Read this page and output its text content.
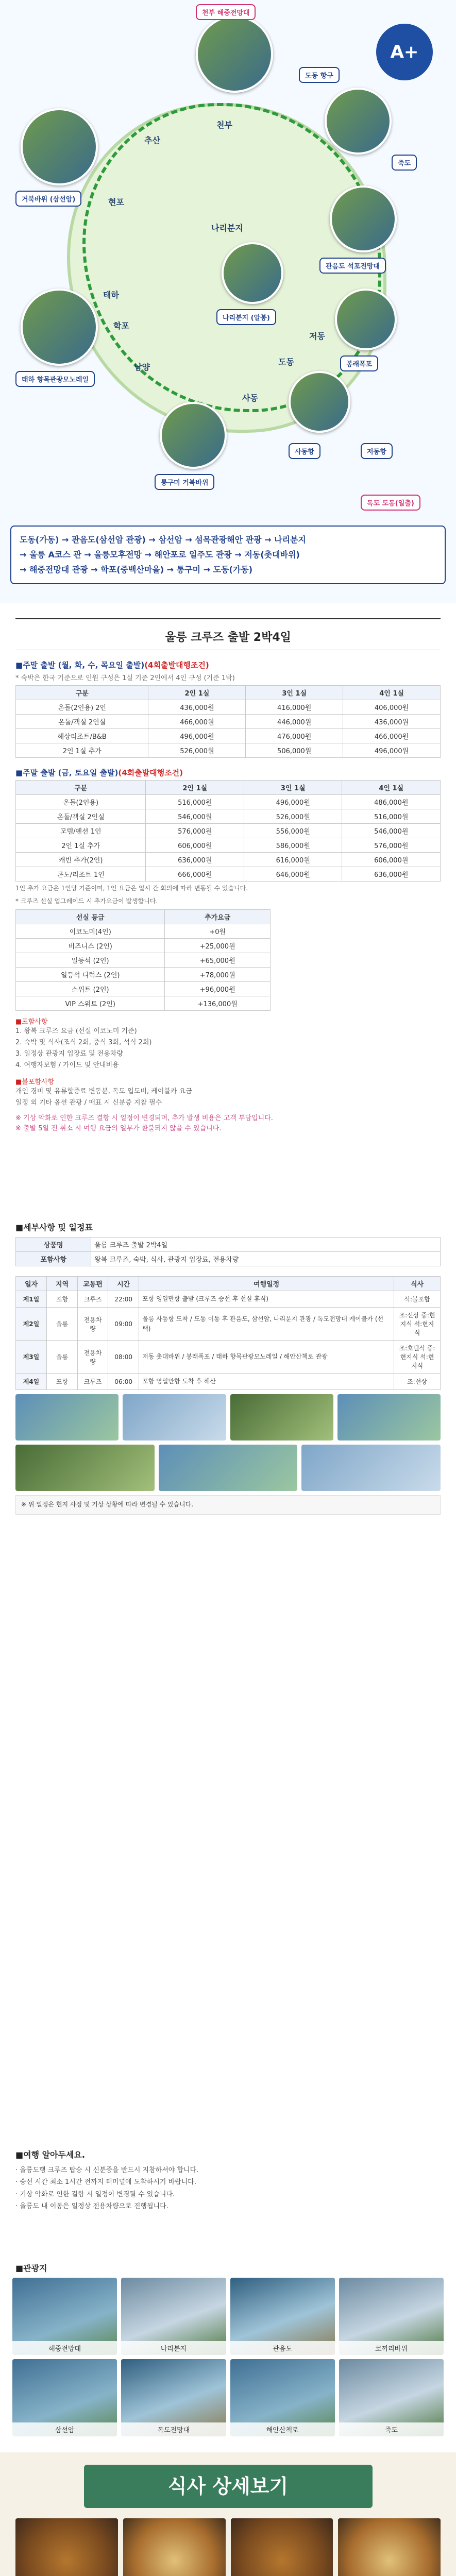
A+
천부 해중전망대
도동 항구
죽도
관음도 석포전망대
거북바위 (삼선암)
나리분지 (알봉)
봉래폭포
저동항
사동항
독도 도동(일출)
통구미 거북바위
태하 향목관광모노레일
추산
현포
천부
나리분지
저동
도동
사동
남양
태하
학포
도동(가동) → 관음도(삼선암 관광) → 삼선암 → 섬목관광해안 관광 → 나리분지
→ 울릉 A코스 관 → 울릉모후전망 → 해안포로 일주도 관광 → 저동(촛대바위)
→ 해중전망대 관광 → 학포(중백산마을) → 통구미 → 도동(가동)
울릉 크루즈 출발 2박4일
■주말 출발 (월, 화, 수, 목요일 출발)(4회출발대행조건)
* 숙박은 한국 기준으로 인원 구성은 1실 기준 2인에서 4인 구성 (기준 1박)
구분	2인 1실	3인 1실	4인 1실
온돌(2인용) 2인	436,000원	416,000원	406,000원
온돌/객실 2인실	466,000원	446,000원	436,000원
해상리조트/B&B	496,000원	476,000원	466,000원
2인 1실 추가	526,000원	506,000원	496,000원
■주말 출발 (금, 토요일 출발)(4회출발대행조건)
구분	2인 1실	3인 1실	4인 1실
온돌(2인용)	516,000원	496,000원	486,000원
온돌/객실 2인실	546,000원	526,000원	516,000원
모텔/펜션 1인	576,000원	556,000원	546,000원
2인 1실 추가	606,000원	586,000원	576,000원
캐빈 추가(2인)	636,000원	616,000원	606,000원
콘도/리조트 1인	666,000원	646,000원	636,000원
1인 추가 요금은 1인당 기준이며, 1인 요금은 일시 간 회의에 따라 변동될 수 있습니다.
* 크루즈 선실 업그레이드 시 추가요금이 발생합니다.
선실 등급	추가요금
이코노미(4인)	+0원
비즈니스 (2인)	+25,000원
일등석 (2인)	+65,000원
일등석 디럭스 (2인)	+78,000원
스위트 (2인)	+96,000원
VIP 스위트 (2인)	+136,000원
■포함사항
1. 왕복 크루즈 요금 (선실 이코노미 기준)
2. 숙박 및 식사(조식 2회, 중식 3회, 석식 2회)
3. 일정상 관광지 입장료 및 전용차량
4. 여행자보험 / 가이드 및 안내비용
■불포함사항
개인 경비 및 유류할증료 변동분, 독도 입도비, 케이블카 요금
일정 외 기타 옵션 관광 / 매표 시 신분증 지참 필수
※ 기상 악화로 인한 크루즈 결항 시 일정이 변경되며, 추가 발생 비용은 고객 부담입니다.
※ 출발 5일 전 취소 시 여행 요금의 일부가 환불되지 않을 수 있습니다.
■세부사항 및 일정표
상품명	울릉 크루즈 출발 2박4일
포함사항	왕복 크루즈, 숙박, 식사, 관광지 입장료, 전용차량

일자	지역	교통편	시간	여행일정	식사
제1일	포항	크루즈	22:00	포항 영일만항 출발 (크루즈 승선 후 선실 휴식)	석:불포함
제2일	울릉	전용차량	09:00	울릉 사동항 도착 / 도동 이동 후 관음도, 삼선암, 나리분지 관광 / 독도전망대 케이블카 (선택)	조:선상 중:현지식 석:현지식
제3일	울릉	전용차량	08:00	저동 촛대바위 / 봉래폭포 / 태하 향목관광모노레일 / 해안산책로 관광	조:호텔식 중:현지식 석:현지식
제4일	포항	크루즈	06:00	포항 영일만항 도착 후 해산	조:선상
※ 위 일정은 현지 사정 및 기상 상황에 따라 변경될 수 있습니다.
■여행 알아두세요.
· 울릉도행 크루즈 탑승 시 신분증을 반드시 지참하셔야 합니다.
· 승선 시간 최소 1시간 전까지 터미널에 도착하시기 바랍니다.
· 기상 악화로 인한 결항 시 일정이 변경될 수 있습니다.
· 울릉도 내 이동은 일정상 전용차량으로 진행됩니다.
■관광지
해중전망대	나리분지	관음도	코끼리바위
삼선암	독도전망대	해안산책로	죽도
식사 상세보기
